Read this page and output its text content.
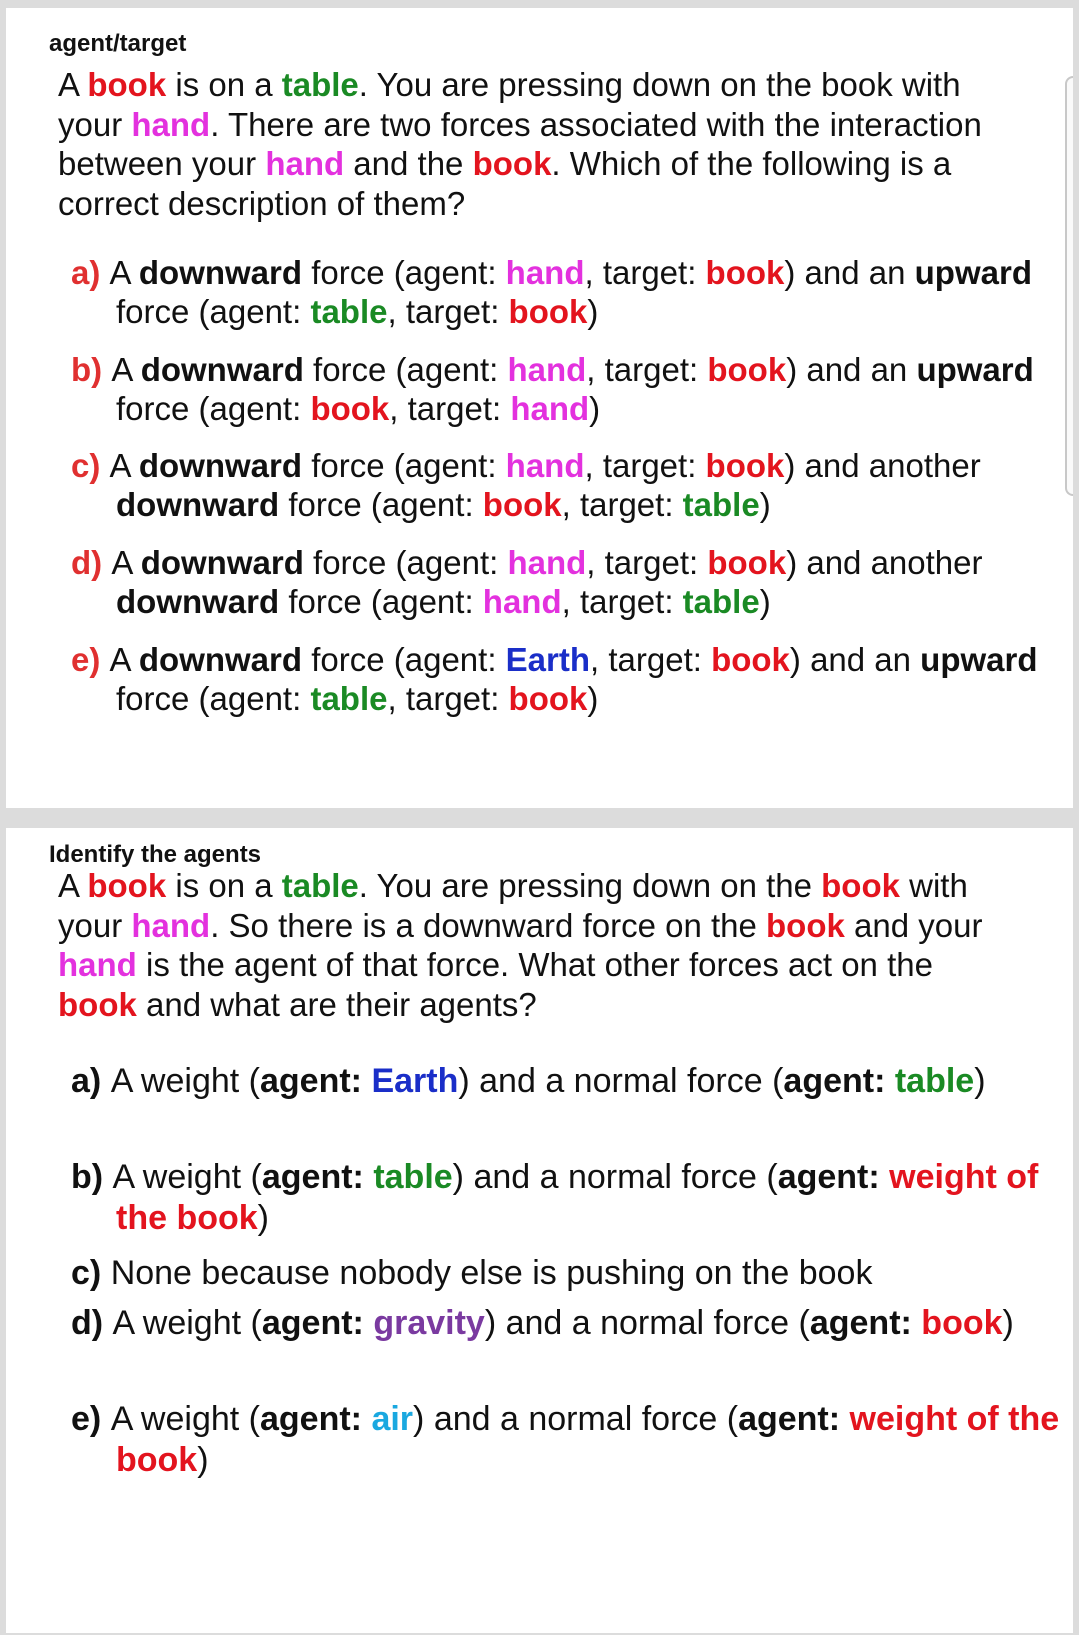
agent/target
A book is on a table. You are pressing down on the book with your hand. There are two forces associated with the interaction between your hand and the book. Which of the following is a correct description of them?
a) A downward force (agent: hand, target: book) and an upward force (agent: table, target: book)
b) A downward force (agent: hand, target: book) and an upward force (agent: book, target: hand)
c) A downward force (agent: hand, target: book) and another downward force (agent: book, target: table)
d) A downward force (agent: hand, target: book) and another downward force (agent: hand, target: table)
e) A downward force (agent: Earth, target: book) and an upward force (agent: table, target: book)
Identify the agents
A book is on a table. You are pressing down on the book with your hand. So there is a downward force on the book and your hand is the agent of that force. What other forces act on the book and what are their agents?
a) A weight (agent: Earth) and a normal force (agent: table)
b) A weight (agent: table) and a normal force (agent: weight of the book)
c) None because nobody else is pushing on the book
d) A weight (agent: gravity) and a normal force (agent: book)
e) A weight (agent: air) and a normal force (agent: weight of the book)
